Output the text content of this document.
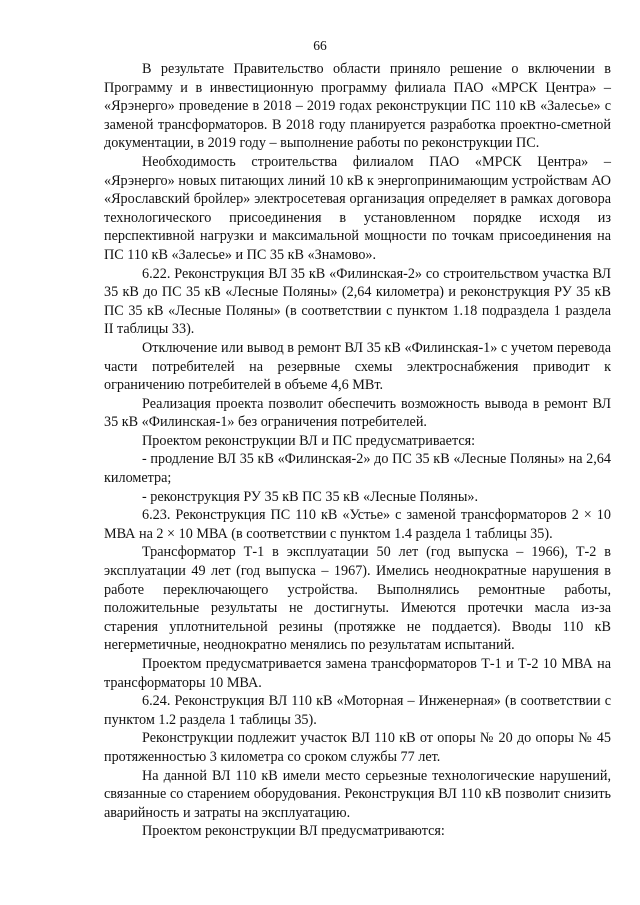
66

В результате Правительство области приняло решение о включении в Программу и в инвестиционную программу филиала ПАО «МРСК Центра» – «Ярэнерго» проведение в 2018 – 2019 годах реконструкции ПС 110 кВ «Залесье» с заменой трансформаторов. В 2018 году планируется разработка проектно-сметной документации, в 2019 году – выполнение работы по реконструкции ПС.

Необходимость строительства филиалом ПАО «МРСК Центра» – «Ярэнерго» новых питающих линий 10 кВ к энергопринимающим устройствам АО «Ярославский бройлер» электросетевая организация определяет в рамках договора технологического присоединения в установленном порядке исходя из перспективной нагрузки и максимальной мощности по точкам присоединения на ПС 110 кВ «Залесье» и ПС 35 кВ «Знамово».

6.22. Реконструкция ВЛ 35 кВ «Филинская-2» со строительством участка ВЛ 35 кВ до ПС 35 кВ «Лесные Поляны» (2,64 километра) и реконструкция РУ 35 кВ ПС 35 кВ «Лесные Поляны» (в соответствии с пунктом 1.18 подраздела 1 раздела II таблицы 33).

Отключение или вывод в ремонт ВЛ 35 кВ «Филинская-1» с учетом перевода части потребителей на резервные схемы электроснабжения приводит к ограничению потребителей в объеме 4,6 МВт.

Реализация проекта позволит обеспечить возможность вывода в ремонт ВЛ 35 кВ «Филинская-1» без ограничения потребителей.

Проектом реконструкции ВЛ и ПС предусматривается:

- продление ВЛ 35 кВ «Филинская-2» до ПС 35 кВ «Лесные Поляны» на 2,64 километра;

- реконструкция РУ 35 кВ ПС 35 кВ «Лесные Поляны».

6.23. Реконструкция ПС 110 кВ «Устье» с заменой трансформаторов 2 × 10 МВА на 2 × 10 МВА (в соответствии с пунктом 1.4 раздела 1 таблицы 35).

Трансформатор Т-1 в эксплуатации 50 лет (год выпуска – 1966), Т-2 в эксплуатации 49 лет (год выпуска – 1967). Имелись неоднократные нарушения в работе переключающего устройства. Выполнялись ремонтные работы, положительные результаты не достигнуты. Имеются протечки масла из-за старения уплотнительной резины (протяжке не поддается). Вводы 110 кВ негерметичные, неоднократно менялись по результатам испытаний.

Проектом предусматривается замена трансформаторов Т-1 и Т-2 10 МВА на трансформаторы 10 МВА.

6.24. Реконструкция ВЛ 110 кВ «Моторная – Инженерная» (в соответствии с пунктом 1.2 раздела 1 таблицы 35).

Реконструкции подлежит участок ВЛ 110 кВ от опоры № 20 до опоры № 45 протяженностью 3 километра со сроком службы 77 лет.

На данной ВЛ 110 кВ имели место серьезные технологические нарушений, связанные со старением оборудования. Реконструкция ВЛ 110 кВ позволит снизить аварийность и затраты на эксплуатацию.

Проектом реконструкции ВЛ предусматриваются:
